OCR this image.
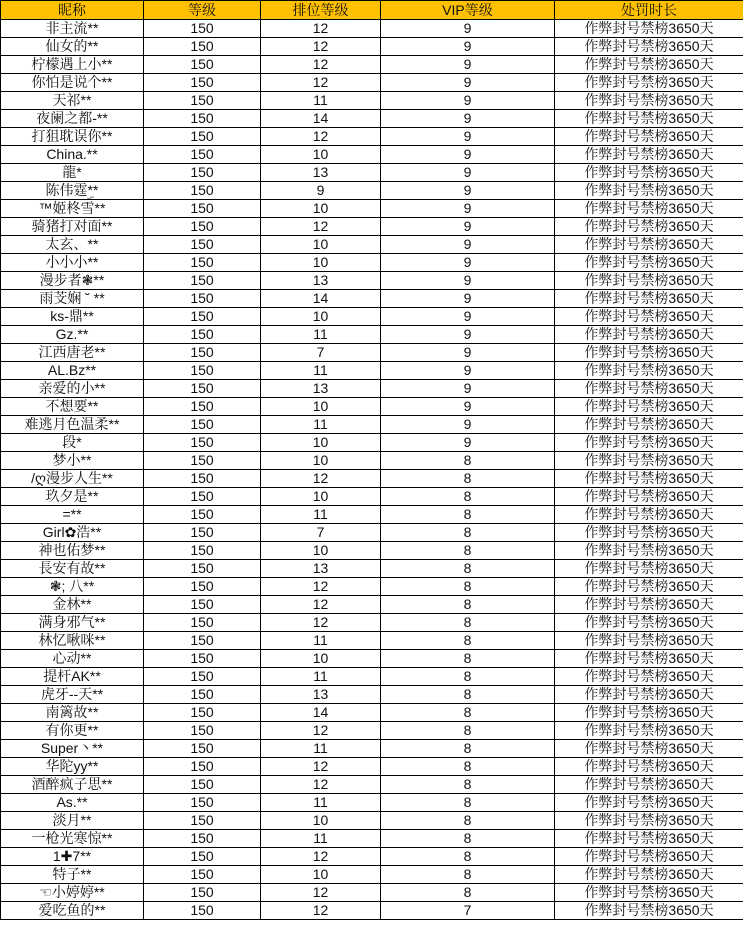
昵称	等级	排位等级	VIP等级	处罚时长
非主流**	150	12	9	作弊封号禁榜3650天
仙女的**	150	12	9	作弊封号禁榜3650天
柠檬遇上小**	150	12	9	作弊封号禁榜3650天
你怕是说个**	150	12	9	作弊封号禁榜3650天
天祁**	150	11	9	作弊封号禁榜3650天
夜阑之都-**	150	14	9	作弊封号禁榜3650天
打狙耽误你**	150	12	9	作弊封号禁榜3650天
China.**	150	10	9	作弊封号禁榜3650天
龍*	150	13	9	作弊封号禁榜3650天
陈伟霆ۣ**	150	9	9	作弊封号禁榜3650天
™姬柊雪**	150	10	9	作弊封号禁榜3650天
骑猪打对面**	150	12	9	作弊封号禁榜3650天
太玄、**	150	10	9	作弊封号禁榜3650天
小小小**	150	10	9	作弊封号禁榜3650天
漫步者❃**	150	13	9	作弊封号禁榜3650天
雨芠娴 ˘ **	150	14	9	作弊封号禁榜3650天
ks-鼎**	150	10	9	作弊封号禁榜3650天
Gz.**	150	11	9	作弊封号禁榜3650天
江西唐老**	150	7	9	作弊封号禁榜3650天
AL.Bz**	150	11	9	作弊封号禁榜3650天
亲爱的小**	150	13	9	作弊封号禁榜3650天
不想要**	150	10	9	作弊封号禁榜3650天
难逃月色温柔**	150	11	9	作弊封号禁榜3650天
段*	150	10	9	作弊封号禁榜3650天
梦小**	150	10	8	作弊封号禁榜3650天
/ღ漫步人生**	150	12	8	作弊封号禁榜3650天
玖夕是**	150	10	8	作弊封号禁榜3650天
=**	150	11	8	作弊封号禁榜3650天
Girl✿浩**	150	7	8	作弊封号禁榜3650天
神也佑梦**	150	10	8	作弊封号禁榜3650天
長安有故**	150	13	8	作弊封号禁榜3650天
❃; 八**	150	12	8	作弊封号禁榜3650天
金林**	150	12	8	作弊封号禁榜3650天
满身邪气**	150	12	8	作弊封号禁榜3650天
林忆啾咪**	150	11	8	作弊封号禁榜3650天
心动**	150	10	8	作弊封号禁榜3650天
提杆AK**	150	11	8	作弊封号禁榜3650天
虎牙--天**	150	13	8	作弊封号禁榜3650天
南篱故**	150	14	8	作弊封号禁榜3650天
有你更**	150	12	8	作弊封号禁榜3650天
Super丶**	150	11	8	作弊封号禁榜3650天
华陀yy**	150	12	8	作弊封号禁榜3650天
酒醉疯子思**	150	12	8	作弊封号禁榜3650天
As.**	150	11	8	作弊封号禁榜3650天
淡月**	150	10	8	作弊封号禁榜3650天
一枪光寒惊**	150	11	8	作弊封号禁榜3650天
1✚7**	150	12	8	作弊封号禁榜3650天
特子**	150	10	8	作弊封号禁榜3650天
☜小婷婷**	150	12	8	作弊封号禁榜3650天
爱吃鱼的**	150	12	7	作弊封号禁榜3650天
